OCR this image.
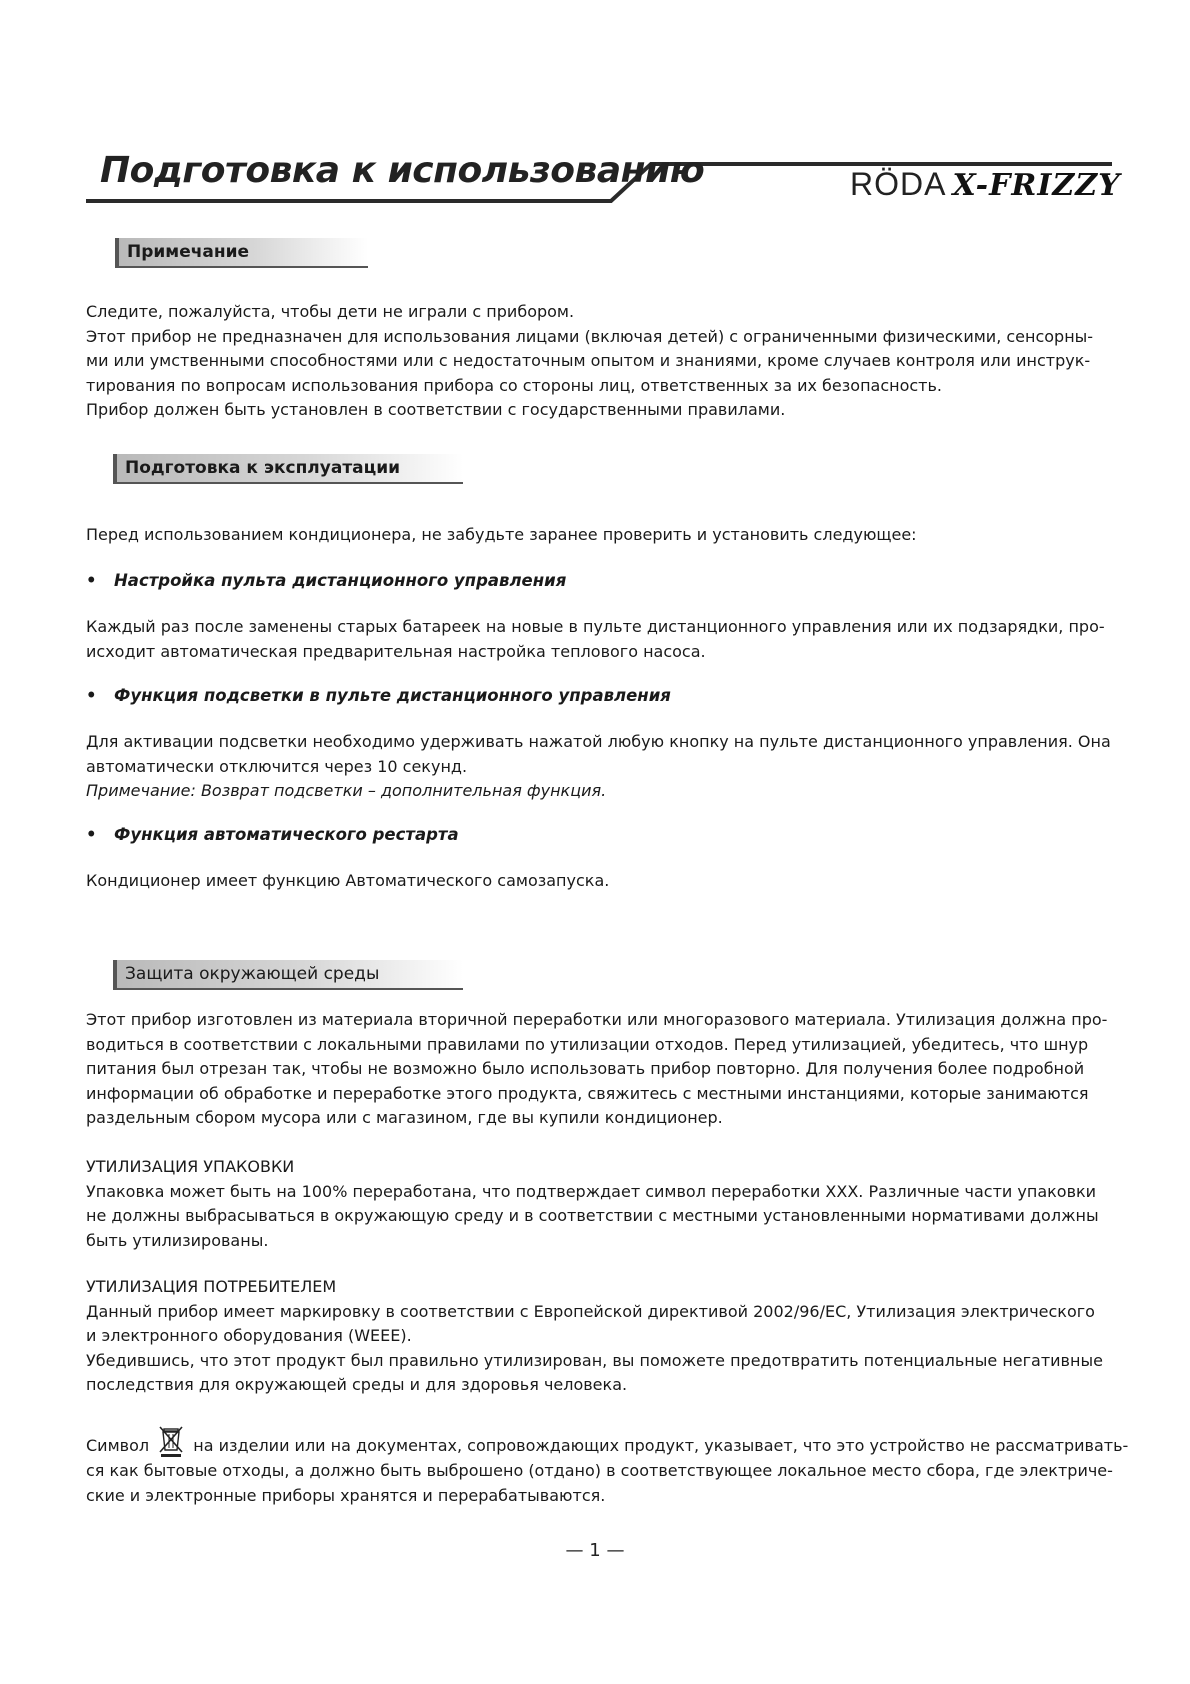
Подготовка к использованию	RÖDA X-FRIZZY
Примечание
Следите, пожалуйста, чтобы дети не играли с прибором.
Этот прибор не предназначен для использования лицами (включая детей) с ограниченными физическими, сенсорны-
ми или умственными способностями или с недостаточным опытом и знаниями, кроме случаев контроля или инструк-
тирования по вопросам использования прибора со стороны лиц, ответственных за их безопасность.
Прибор должен быть установлен в соответствии с государственными правилами.
Подготовка к эксплуатации
Перед использованием кондиционера, не забудьте заранее проверить и установить следующее:
• Настройка пульта дистанционного управления
Каждый раз после заменены старых батареек на новые в пульте дистанционного управления или их подзарядки, про-
исходит автоматическая предварительная настройка теплового насоса.
• Функция подсветки в пульте дистанционного управления
Для активации подсветки необходимо удерживать нажатой любую кнопку на пульте дистанционного управления. Она
автоматически отключится через 10 секунд.
Примечание: Возврат подсветки – дополнительная функция.
• Функция автоматического рестарта
Кондиционер имеет функцию Автоматического самозапуска.
Защита окружающей среды
Этот прибор изготовлен из материала вторичной переработки или многоразового материала. Утилизация должна про-
водиться в соответствии с локальными правилами по утилизации отходов. Перед утилизацией, убедитесь, что шнур
питания был отрезан так, чтобы не возможно было использовать прибор повторно. Для получения более подробной
информации об обработке и переработке этого продукта, свяжитесь с местными инстанциями, которые занимаются
раздельным сбором мусора или с магазином, где вы купили кондиционер.
УТИЛИЗАЦИЯ УПАКОВКИ
Упаковка может быть на 100% переработана, что подтверждает символ переработки XXX. Различные части упаковки
не должны выбрасываться в окружающую среду и в соответствии с местными установленными нормативами должны
быть утилизированы.
УТИЛИЗАЦИЯ ПОТРЕБИТЕЛЕМ
Данный прибор имеет маркировку в соответствии с Европейской директивой 2002/96/ЕС, Утилизация электрического
и электронного оборудования (WEEE).
Убедившись, что этот продукт был правильно утилизирован, вы поможете предотвратить потенциальные негативные
последствия для окружающей среды и для здоровья человека.
Символ	на изделии или на документах, сопровождающих продукт, указывает, что это устройство не рассматривать-
ся как бытовые отходы, а должно быть выброшено (отдано) в соответствующее локальное место сбора, где электриче-
ские и электронные приборы хранятся и перерабатываются.
— 1 —
